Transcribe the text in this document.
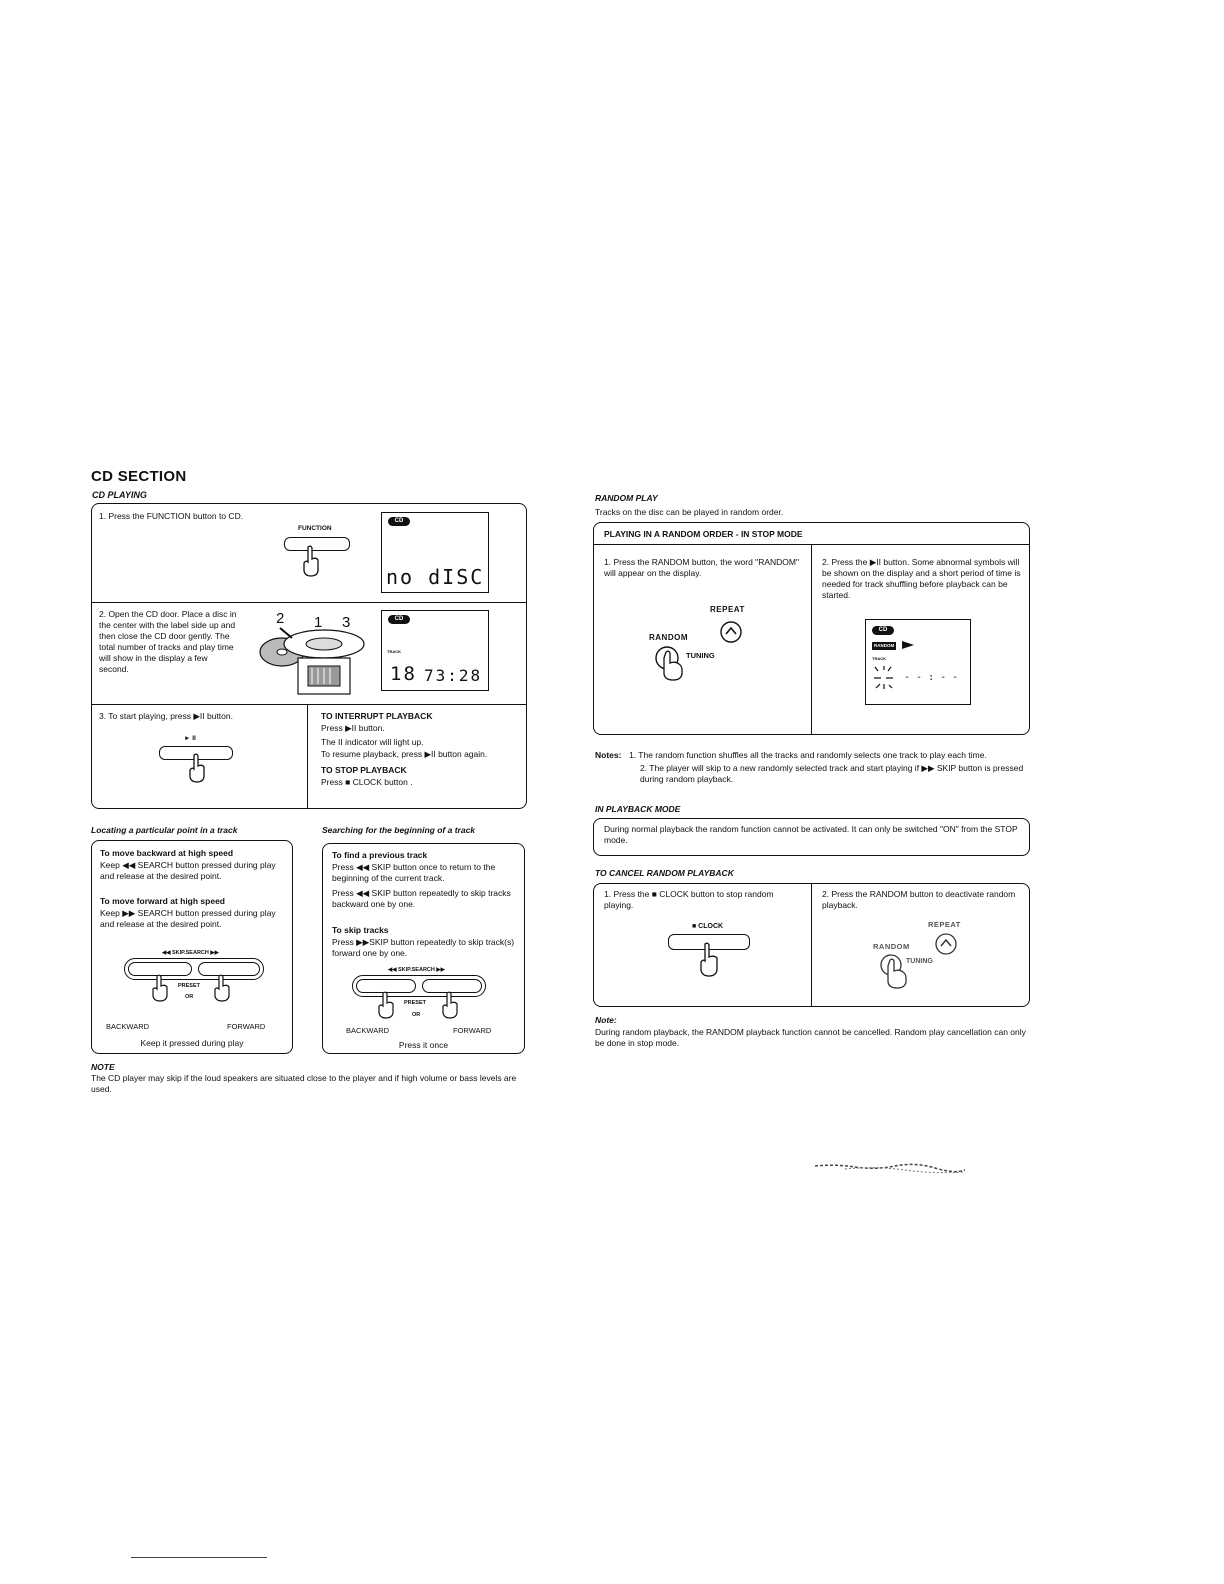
CD SECTION
CD PLAYING
1. Press the FUNCTION button to CD.
FUNCTION
CD
no dISC
2. Open the CD door. Place a disc in the center with the label side up and then close the CD door gently. The total number of tracks and play time will show in the display a few second.
2 1 3	CD
TRACK
18 73:28
3. To start playing, press ▶II button.
► II
TO INTERRUPT PLAYBACK
Press ▶II button.
The II indicator will light up.
To resume playback, press ▶II button again.
TO STOP PLAYBACK
Press ■ CLOCK button .
Locating a particular point in a track
To move backward at high speed
Keep ◀◀ SEARCH button pressed during play and release at the desired point.
To move forward at high speed
Keep ▶▶ SEARCH button pressed during play and release at the desired point.
◀◀ SKIP.SEARCH ▶▶
PRESET
OR
BACKWARD	FORWARD
Keep it pressed during play
Searching for the beginning of a track
To find a previous track
Press ◀◀ SKIP button once to return to the beginning of the current track.
Press ◀◀ SKIP button repeatedly to skip tracks backward one by one.
To skip tracks
Press ▶▶SKIP button repeatedly to skip track(s) forward one by one.
◀◀ SKIP.SEARCH ▶▶
PRESET
OR
BACKWARD	FORWARD
Press it once
NOTE
The CD player may skip if the loud speakers are situated close to the player and if high volume or bass levels are used.
RANDOM PLAY
Tracks on the disc can be played in random order.
PLAYING IN A RANDOM ORDER - IN STOP MODE
1. Press the RANDOM button, the word "RANDOM" will appear on the display.
REPEAT
RANDOM
TUNING
2. Press the ▶II button. Some abnormal symbols will be shown on the display and a short period of time is needed for track shuffling before playback can be started.
CD
RANDOM
TRACK
- - : - -
Notes: 1. The random function shuffles all the tracks and randomly selects one track to play each time.
2. The player will skip to a new randomly selected track and start playing if ▶▶ SKIP button is pressed during random playback.
IN PLAYBACK MODE
During normal playback the random function cannot be activated. It can only be switched "ON" from the STOP mode.
TO CANCEL RANDOM PLAYBACK
1. Press the ■ CLOCK button to stop random playing.
■ CLOCK
2. Press the RANDOM button to deactivate random playback.
REPEAT
RANDOM
TUNING
Note:
During random playback, the RANDOM playback function cannot be cancelled. Random play cancellation can only be done in stop mode.
